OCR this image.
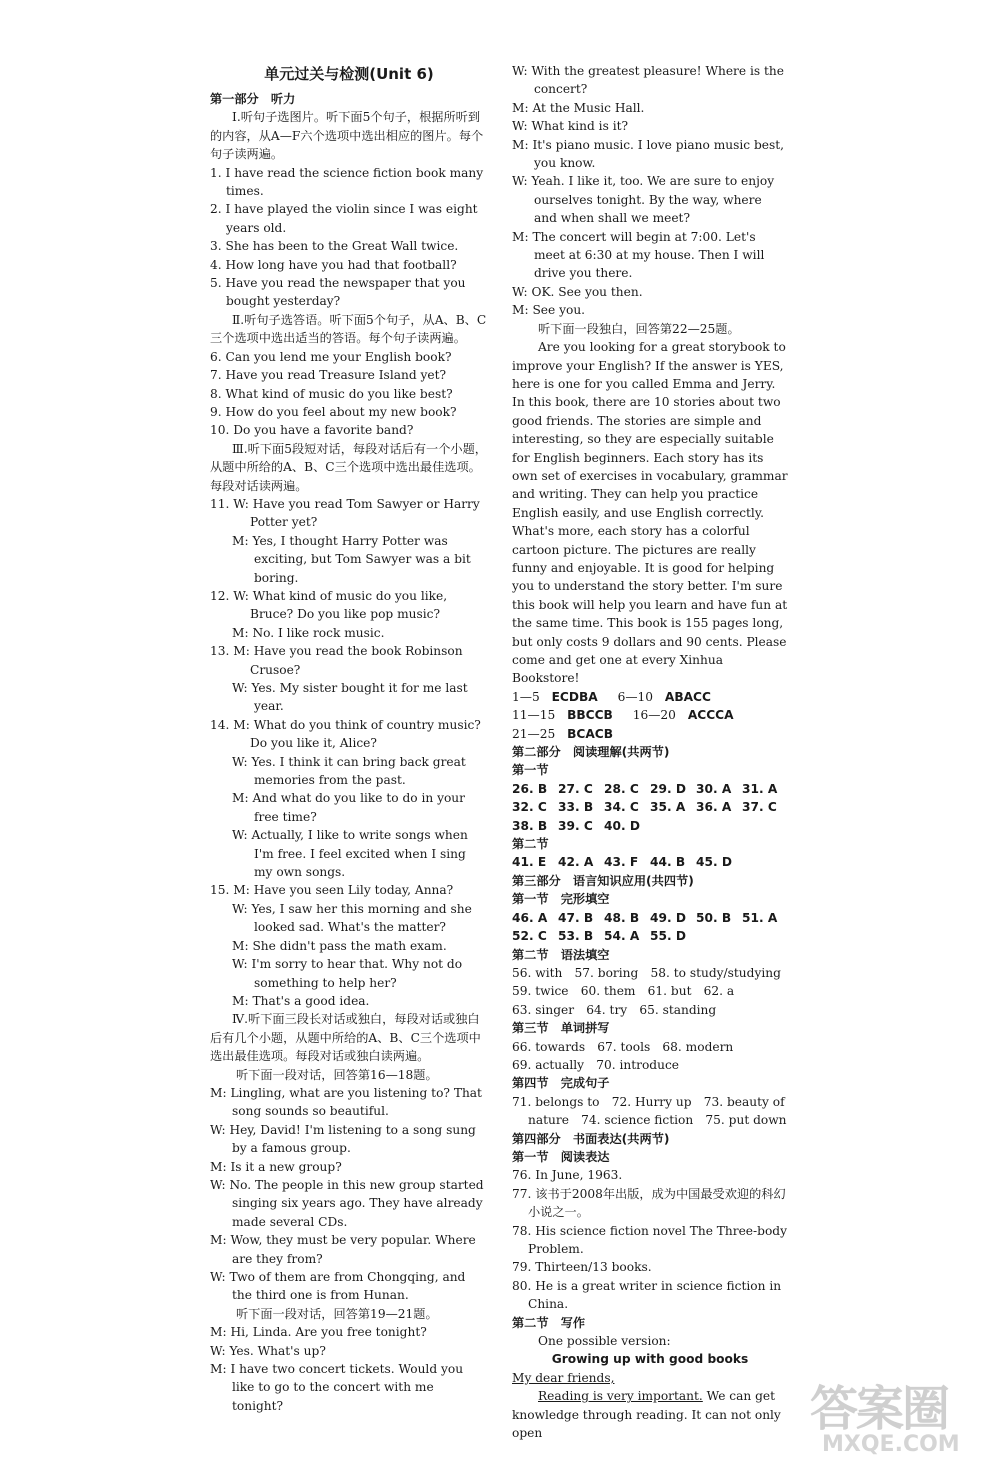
单元过关与检测(Unit 6)
第一部分　听力
Ⅰ.听句子选图片。听下面5个句子，根据所听到的内容，从A—F六个选项中选出相应的图片。每个句子读两遍。
1. I have read the science fiction book many times.
2. I have played the violin since I was eight years old.
3. She has been to the Great Wall twice.
4. How long have you had that football?
5. Have you read the newspaper that you bought yesterday?
Ⅱ.听句子选答语。听下面5个句子，从A、B、C三个选项中选出适当的答语。每个句子读两遍。
6. Can you lend me your English book?
7. Have you read Treasure Island yet?
8. What kind of music do you like best?
9. How do you feel about my new book?
10. Do you have a favorite band?
Ⅲ.听下面5段短对话，每段对话后有一个小题，从题中所给的A、B、C三个选项中选出最佳选项。每段对话读两遍。
11. W: Have you read Tom Sawyer or Harry Potter yet?
M: Yes, I thought Harry Potter was exciting, but Tom Sawyer was a bit boring.
12. W: What kind of music do you like, Bruce? Do you like pop music?
M: No. I like rock music.
13. M: Have you read the book Robinson Crusoe?
W: Yes. My sister bought it for me last year.
14. M: What do you think of country music? Do you like it, Alice?
W: Yes. I think it can bring back great memories from the past.
M: And what do you like to do in your free time?
W: Actually, I like to write songs when I'm free. I feel excited when I sing my own songs.
15. M: Have you seen Lily today, Anna?
W: Yes, I saw her this morning and she looked sad. What's the matter?
M: She didn't pass the math exam.
W: I'm sorry to hear that. Why not do something to help her?
M: That's a good idea.
Ⅳ.听下面三段长对话或独白，每段对话或独白后有几个小题，从题中所给的A、B、C三个选项中选出最佳选项。每段对话或独白读两遍。
听下面一段对话，回答第16—18题。
M: Lingling, what are you listening to? That song sounds so beautiful.
W: Hey, David! I'm listening to a song sung by a famous group.
M: Is it a new group?
W: No. The people in this new group started singing six years ago. They have already made several CDs.
M: Wow, they must be very popular. Where are they from?
W: Two of them are from Chongqing, and the third one is from Hunan.
听下面一段对话，回答第19—21题。
M: Hi, Linda. Are you free tonight?
W: Yes. What's up?
M: I have two concert tickets. Would you like to go to the concert with me tonight?
W: With the greatest pleasure! Where is the concert?
M: At the Music Hall.
W: What kind is it?
M: It's piano music. I love piano music best, you know.
W: Yeah. I like it, too. We are sure to enjoy ourselves tonight. By the way, where and when shall we meet?
M: The concert will begin at 7:00. Let's meet at 6:30 at my house. Then I will drive you there.
W: OK. See you then.
M: See you.
听下面一段独白，回答第22—25题。
Are you looking for a great storybook to improve your English? If the answer is YES, here is one for you called Emma and Jerry. In this book, there are 10 stories about two good friends. The stories are simple and interesting, so they are especially suitable for English beginners. Each story has its own set of exercises in vocabulary, grammar and writing. They can help you practice English easily, and use English correctly. What's more, each story has a colorful cartoon picture. The pictures are really funny and enjoyable. It is good for helping you to understand the story better. I'm sure this book will help you learn and have fun at the same time. This book is 155 pages long, but only costs 9 dollars and 90 cents. Please come and get one at every Xinhua Bookstore!
1—5 ECDBA 6—10 ABACC
11—15 BBCCB 16—20 ACCCA
21—25 BCACB
第二部分　阅读理解(共两节)
第一节
26. B 27. C 28. C 29. D 30. A 31. A
32. C 33. B 34. C 35. A 36. A 37. C
38. B 39. C 40. D
第二节
41. E 42. A 43. F 44. B 45. D
第三部分　语言知识应用(共四节)
第一节　完形填空
46. A 47. B 48. B 49. D 50. B 51. A
52. C 53. B 54. A 55. D
第二节　语法填空
56. with　57. boring　58. to study/studying
59. twice　60. them　61. but　62. a
63. singer　64. try　65. standing
第三节　单词拼写
66. towards　67. tools　68. modern
69. actually　70. introduce
第四节　完成句子
71. belongs to　72. Hurry up　73. beauty of nature　74. science fiction　75. put down
第四部分　书面表达(共两节)
第一节　阅读表达
76. In June, 1963.
77. 该书于2008年出版，成为中国最受欢迎的科幻小说之一。
78. His science fiction novel The Three-body Problem.
79. Thirteen/13 books.
80. He is a great writer in science fiction in China.
第二节　写作
One possible version:
Growing up with good books
My dear friends,
Reading is very important. We can get knowledge through reading. It can not only open	答案圈
MXQE.COM
